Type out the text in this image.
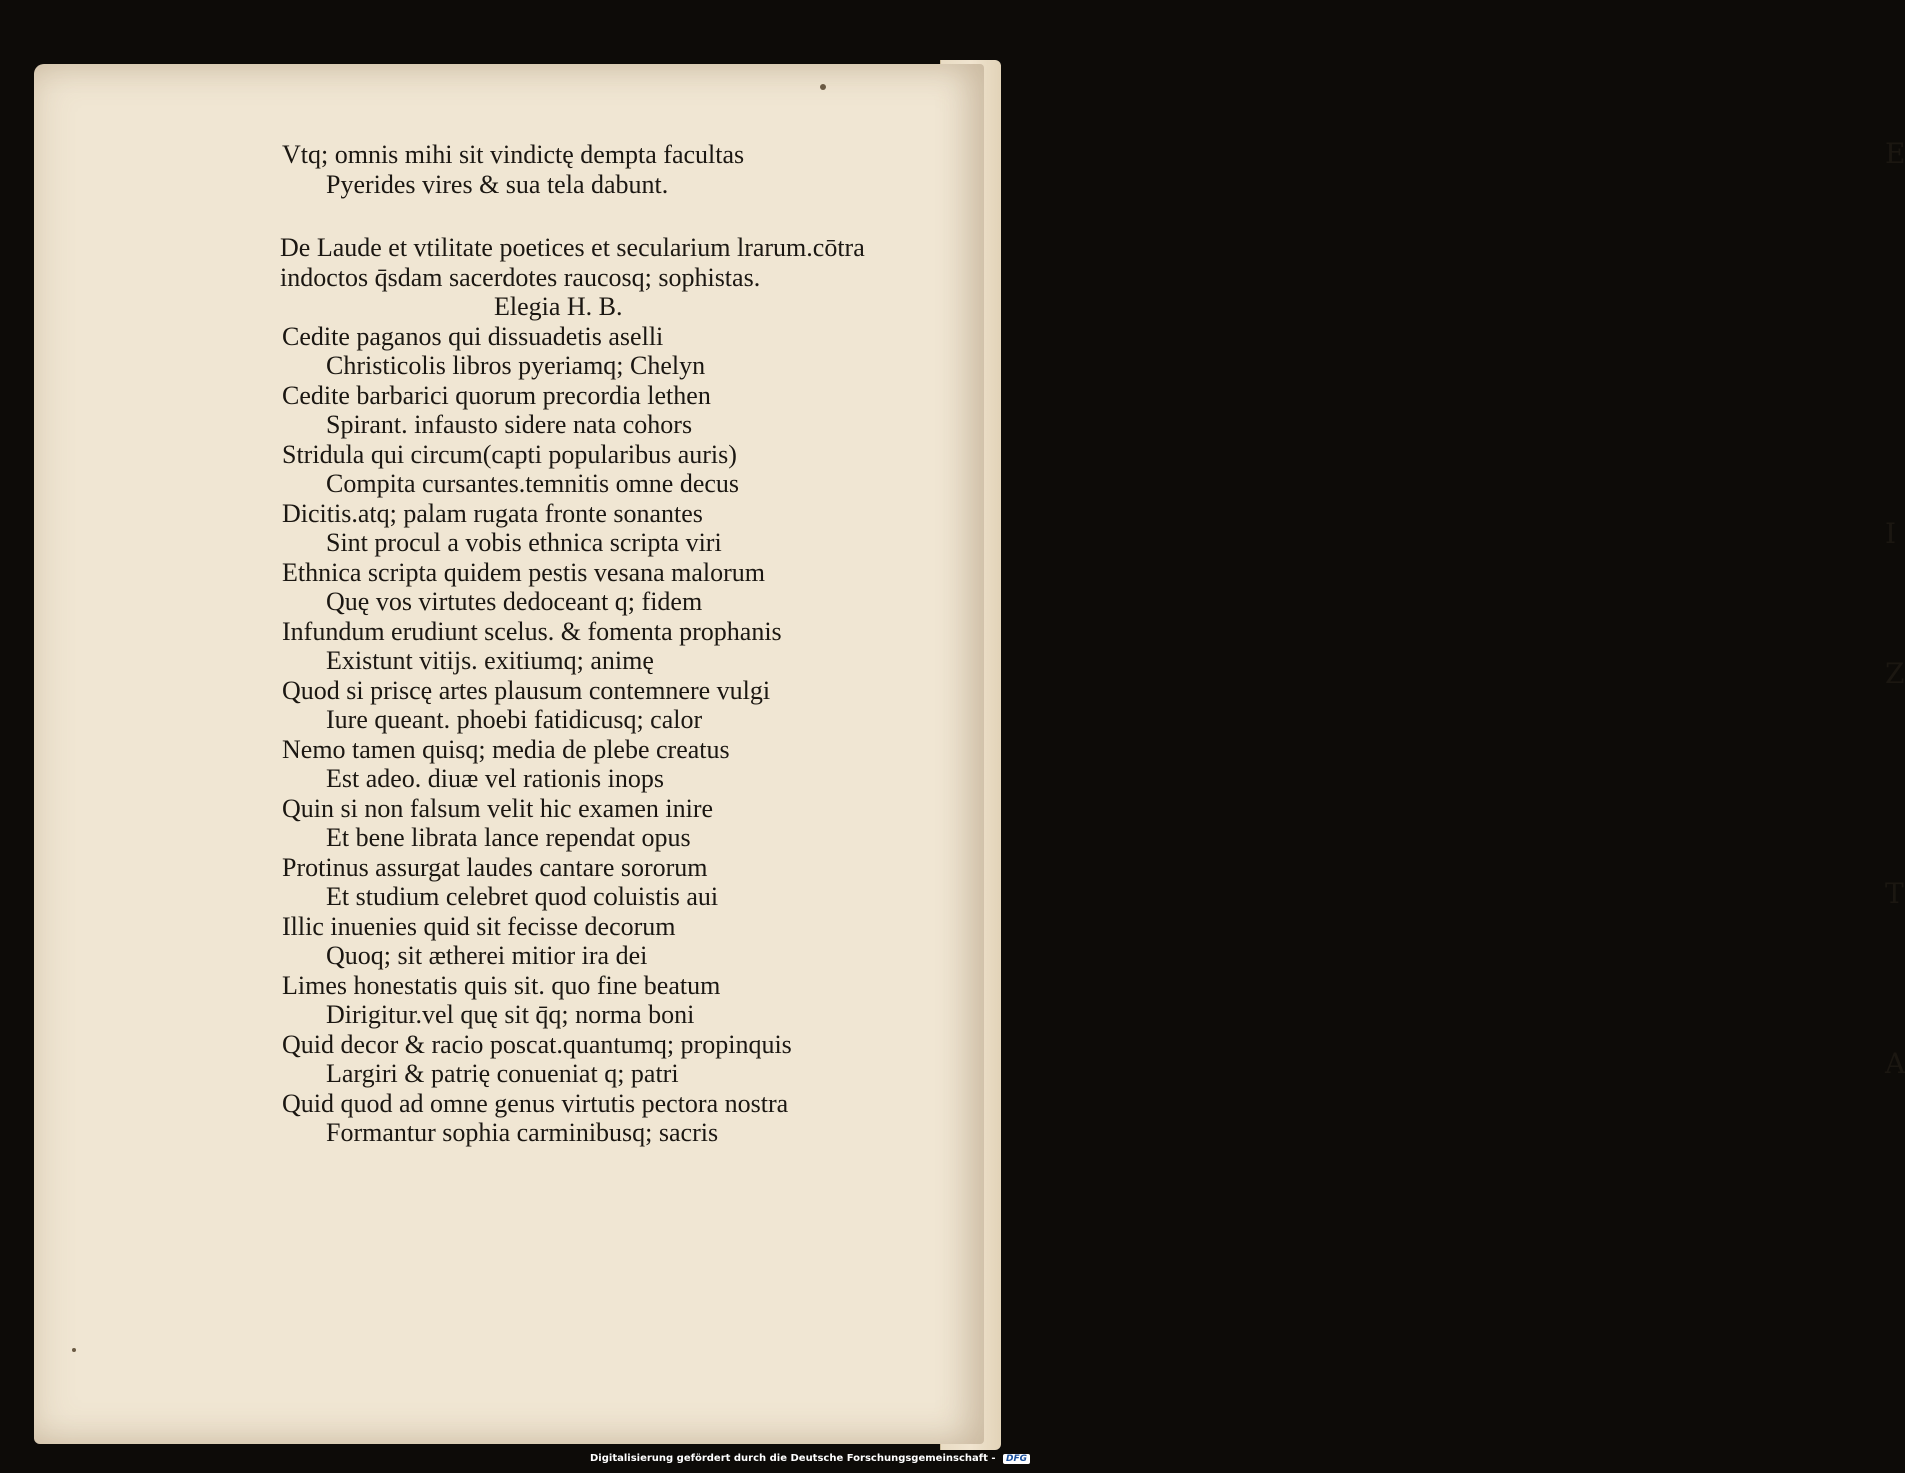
E
I
Z
T
A
Vtq; omnis mihi sit vindictę dempta facultas
Pyerides vires & sua tela dabunt.
De Laude et vtilitate poetices et secularium lrarum.cōtra
indoctos q̄sdam sacerdotes raucosq; sophistas.
Elegia H. B.
Cedite paganos qui dissuadetis aselli
Christicolis libros pyeriamq; Chelyn
Cedite barbarici quorum precordia lethen
Spirant. infausto sidere nata cohors
Stridula qui circum(capti popularibus auris)
Compita cursantes.temnitis omne decus
Dicitis.atq; palam rugata fronte sonantes
Sint procul a vobis ethnica scripta viri
Ethnica scripta quidem pestis vesana malorum
Quę vos virtutes dedoceant q; fidem
Infundum erudiunt scelus. & fomenta prophanis
Existunt vitijs. exitiumq; animę
Quod si priscę artes plausum contemnere vulgi
Iure queant. phoebi fatidicusq; calor
Nemo tamen quisq; media de plebe creatus
Est adeo. diuæ vel rationis inops
Quin si non falsum velit hic examen inire
Et bene librata lance rependat opus
Protinus assurgat laudes cantare sororum
Et studium celebret quod coluistis aui
Illic inuenies quid sit fecisse decorum
Quoq; sit ætherei mitior ira dei
Limes honestatis quis sit. quo fine beatum
Dirigitur.vel quę sit q̄q; norma boni
Quid decor & racio poscat.quantumq; propinquis
Largiri & patrię conueniat q; patri
Quid quod ad omne genus virtutis pectora nostra
Formantur sophia carminibusq; sacris
Digitalisierung gefördert durch die Deutsche Forschungsgemeinschaft - DFG
